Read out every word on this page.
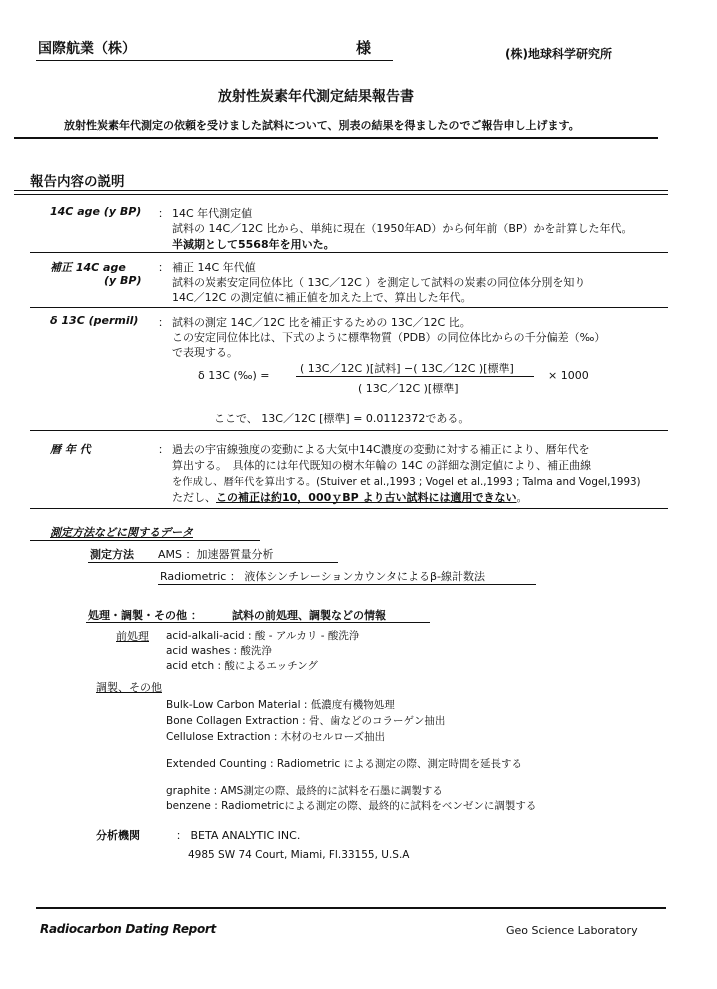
国際航業（株）	様	(株)地球科学研究所
放射性炭素年代測定結果報告書
放射性炭素年代測定の依頼を受けました試料について、別表の結果を得ましたのでご報告申し上げます。
報告内容の説明
14C age (y BP) ： 14C 年代測定値
試料の 14C／12C 比から、単純に現在（1950年AD）から何年前（BP）かを計算した年代。
半減期として5568年を用いた。
補正 14C age
(y BP)
： 補正 14C 年代値
試料の炭素安定同位体比（ 13C／12C ）を測定して試料の炭素の同位体分別を知り
14C／12C の測定値に補正値を加えた上で、算出した年代。
δ 13C (permil) ： 試料の測定 14C／12C 比を補正するための 13C／12C 比。
この安定同位体比は、下式のように標準物質（PDB）の同位体比からの千分偏差（‰）
で表現する。
δ 13C (‰) =
( 13C／12C )[試料] −( 13C／12C )[標準]
( 13C／12C )[標準]
× 1000
ここで、 13C／12C [標準] = 0.0112372である。
暦 年 代	： 過去の宇宙線強度の変動による大気中14C濃度の変動に対する補正により、暦年代を
算出する。　具体的には年代既知の樹木年輪の 14C の詳細な測定値により、補正曲線
を作成し、暦年代を算出する。(Stuiver et al.,1993 ; Vogel et al.,1993 ; Talma and Vogel,1993)
ただし、この補正は約10，000ｙBP より古い試料には適用できない。
測定方法などに関するデータ
測定方法 AMS ：加速器質量分析
Radiometric ： 液体シンチレーションカウンタによるβ-線計数法
処理・調製・その他 ：	試料の前処理、調製などの情報
前処理 acid-alkali-acid : 酸 - アルカリ - 酸洗浄
acid washes : 酸洗浄
acid etch : 酸によるエッチング
調製、その他
Bulk-Low Carbon Material : 低濃度有機物処理
Bone Collagen Extraction : 骨、歯などのコラーゲン抽出
Cellulose Extraction : 木材のセルローズ抽出
Extended Counting : Radiometric による測定の際、測定時間を延長する
graphite : AMS測定の際、最終的に試料を石墨に調製する
benzene : Radiometricによる測定の際、最終的に試料をベンゼンに調製する
分析機関	： BETA ANALYTIC INC.
4985 SW 74 Court, Miami, Fl.33155, U.S.A
Radiocarbon Dating Report	Geo Science Laboratory
